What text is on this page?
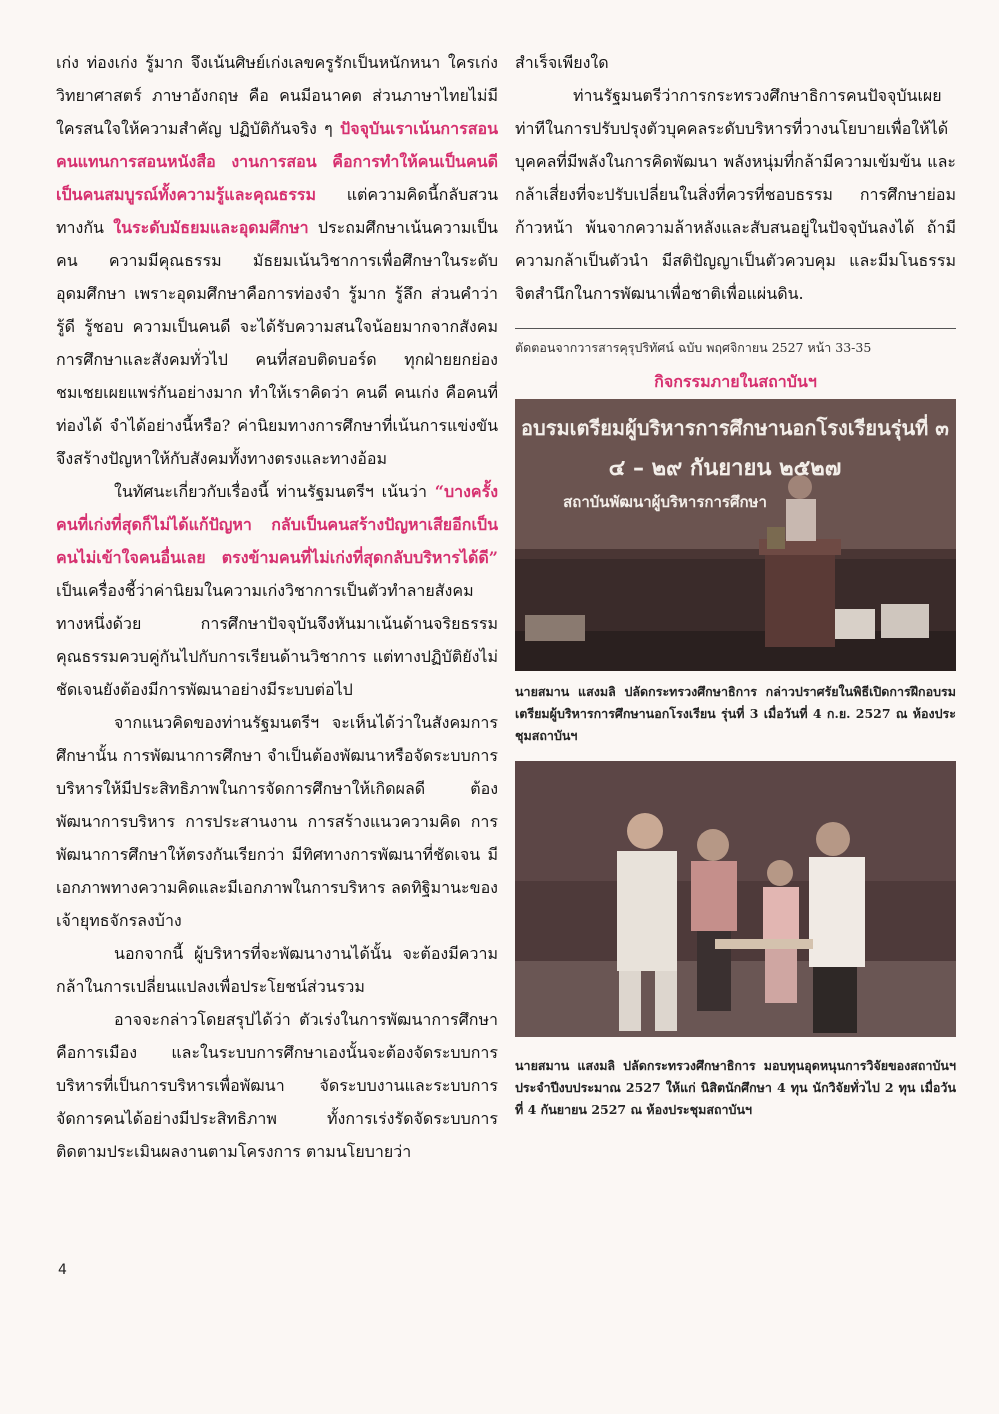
เก่ง ท่องเก่ง รู้มาก จึงเน้นศิษย์เก่งเลขครูรักเป็นหนักหนา ใครเก่งวิทยาศาสตร์ ภาษาอังกฤษ คือ คนมีอนาคต ส่วนภาษาไทยไม่มีใครสนใจให้ความสำคัญ ปฏิบัติกันจริง ๆ ปัจจุบันเราเน้นการสอนคนแทนการสอนหนังสือ งานการสอน คือการทำให้คนเป็นคนดี เป็นคนสมบูรณ์ทั้งความรู้และคุณธรรม แต่ความคิดนี้กลับสวนทางกัน ในระดับมัธยมและอุดมศึกษา ประถมศึกษาเน้นความเป็นคน ความมีคุณธรรม มัธยมเน้นวิชาการเพื่อศึกษาในระดับอุดมศึกษา เพราะอุดมศึกษาคือการท่องจำ รู้มาก รู้ลึก ส่วนคำว่า รู้ดี รู้ชอบ ความเป็นคนดี จะได้รับความสนใจน้อยมากจากสังคมการศึกษาและสังคมทั่วไป คนที่สอบติดบอร์ด ทุกฝ่ายยกย่องชมเชยเผยแพร่กันอย่างมาก ทำให้เราคิดว่า คนดี คนเก่ง คือคนที่ท่องได้ จำได้อย่างนี้หรือ? ค่านิยมทางการศึกษาที่เน้นการแข่งขัน จึงสร้างปัญหาให้กับสังคมทั้งทางตรงและทางอ้อม

ในทัศนะเกี่ยวกับเรื่องนี้ ท่านรัฐมนตรีฯ เน้นว่า “บางครั้งคนที่เก่งที่สุดก็ไม่ได้แก้ปัญหา กลับเป็นคนสร้างปัญหาเสียอีกเป็นคนไม่เข้าใจคนอื่นเลย ตรงข้ามคนที่ไม่เก่งที่สุดกลับบริหารได้ดี” เป็นเครื่องชี้ว่าค่านิยมในความเก่งวิชาการเป็นตัวทำลายสังคมทางหนึ่งด้วย การศึกษาปัจจุบันจึงหันมาเน้นด้านจริยธรรม คุณธรรมควบคู่กันไปกับการเรียนด้านวิชาการ แต่ทางปฏิบัติยังไม่ชัดเจนยังต้องมีการพัฒนาอย่างมีระบบต่อไป

จากแนวคิดของท่านรัฐมนตรีฯ จะเห็นได้ว่าในสังคมการศึกษานั้น การพัฒนาการศึกษา จำเป็นต้องพัฒนาหรือจัดระบบการบริหารให้มีประสิทธิภาพในการจัดการศึกษาให้เกิดผลดี ต้องพัฒนาการบริหาร การประสานงาน การสร้างแนวความคิด การพัฒนาการศึกษาให้ตรงกันเรียกว่า มีทิศทางการพัฒนาที่ชัดเจน มีเอกภาพทางความคิดและมีเอกภาพในการบริหาร ลดทิฐิมานะของเจ้ายุทธจักรลงบ้าง

นอกจากนี้ ผู้บริหารที่จะพัฒนางานได้นั้น จะต้องมีความกล้าในการเปลี่ยนแปลงเพื่อประโยชน์ส่วนรวม

อาจจะกล่าวโดยสรุปได้ว่า ตัวเร่งในการพัฒนาการศึกษาคือการเมือง และในระบบการศึกษาเองนั้นจะต้องจัดระบบการบริหารที่เป็นการบริหารเพื่อพัฒนา จัดระบบงานและระบบการจัดการคนได้อย่างมีประสิทธิภาพ ทั้งการเร่งรัดจัดระบบการติดตามประเมินผลงานตามโครงการ ตามนโยบายว่า

สำเร็จเพียงใด

ท่านรัฐมนตรีว่าการกระทรวงศึกษาธิการคนปัจจุบันเผยท่าทีในการปรับปรุงตัวบุคคลระดับบริหารที่วางนโยบายเพื่อให้ได้บุคคลที่มีพลังในการคิดพัฒนา พลังหนุ่มที่กล้ามีความเข้มข้น และกล้าเสี่ยงที่จะปรับเปลี่ยนในสิ่งที่ควรที่ชอบธรรม การศึกษาย่อมก้าวหน้า พ้นจากความล้าหลังและสับสนอยู่ในปัจจุบันลงได้ ถ้ามีความกล้าเป็นตัวนำ มีสติปัญญาเป็นตัวควบคุม และมีมโนธรรม จิตสำนึกในการพัฒนาเพื่อชาติเพื่อแผ่นดิน.

ตัดตอนจากวารสารคุรุปริทัศน์ ฉบับ พฤศจิกายน 2527 หน้า 33-35
กิจกรรมภายในสถาบันฯ
อบรมเตรียมผู้บริหารการศึกษานอกโรงเรียนรุ่นที่ ๓
๔ – ๒๙ กันยายน ๒๕๒๗
สถาบันพัฒนาผู้บริหารการศึกษา
นายสมาน แสงมลิ ปลัดกระทรวงศึกษาธิการ กล่าวปราศรัยในพิธีเปิดการฝึกอบรมเตรียมผู้บริหารการศึกษานอกโรงเรียน รุ่นที่ 3 เมื่อวันที่ 4 ก.ย. 2527 ณ ห้องประชุมสถาบันฯ
นายสมาน แสงมลิ ปลัดกระทรวงศึกษาธิการ มอบทุนอุดหนุนการวิจัยของสถาบันฯ ประจำปีงบประมาณ 2527 ให้แก่ นิสิตนักศึกษา 4 ทุน นักวิจัยทั่วไป 2 ทุน เมื่อวันที่ 4 กันยายน 2527 ณ ห้องประชุมสถาบันฯ
4
